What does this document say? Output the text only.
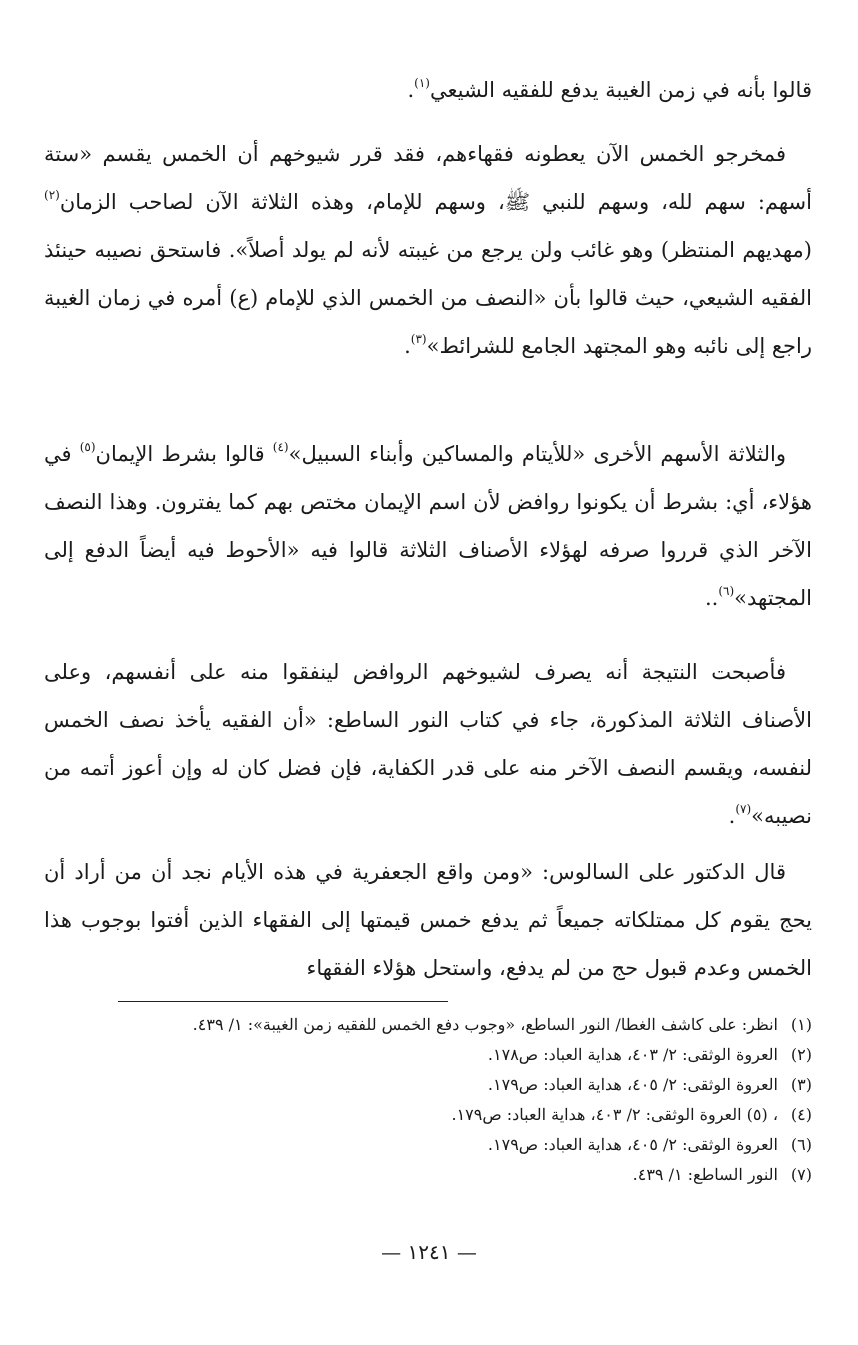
قالوا بأنه في زمن الغيبة يدفع للفقيه الشيعي$^{(١)}$.

فمخرجو الخمس الآن يعطونه فقهاءهم، فقد قرر شيوخهم أن الخمس يقسم «ستة أسهم: سهم لله، وسهم للنبي ﷺ، وسهم للإمام، وهذه الثلاثة الآن لصاحب الزمان$^{(٢)}$ (مهديهم المنتظر) وهو غائب ولن يرجع من غيبته لأنه لم يولد أصلاً». فاستحق نصيبه حينئذ الفقيه الشيعي، حيث قالوا بأن «النصف من الخمس الذي للإمام (ع) أمره في زمان الغيبة راجع إلى نائبه وهو المجتهد الجامع للشرائط»$^{(٣)}$.

والثلاثة الأسهم الأخرى «للأيتام والمساكين وأبناء السبيل»$^{(٤)}$ قالوا بشرط الإيمان$^{(٥)}$ في هؤلاء، أي: بشرط أن يكونوا روافض لأن اسم الإيمان مختص بهم كما يفترون. وهذا النصف الآخر الذي قرروا صرفه لهؤلاء الأصناف الثلاثة قالوا فيه «الأحوط فيه أيضاً الدفع إلى المجتهد»$^{(٦)}$..

فأصبحت النتيجة أنه يصرف لشيوخهم الروافض لينفقوا منه على أنفسهم، وعلى الأصناف الثلاثة المذكورة، جاء في كتاب النور الساطع: «أن الفقيه يأخذ نصف الخمس لنفسه، ويقسم النصف الآخر منه على قدر الكفاية، فإن فضل كان له وإن أعوز أتمه من نصيبه»$^{(٧)}$.

قال الدكتور على السالوس: «ومن واقع الجعفرية في هذه الأيام نجد أن من أراد أن يحج يقوم كل ممتلكاته جميعاً ثم يدفع خمس قيمتها إلى الفقهاء الذين أفتوا بوجوب هذا الخمس وعدم قبول حج من لم يدفع، واستحل هؤلاء الفقهاء

(١)انظر: على كاشف الغطا/ النور الساطع، «وجوب دفع الخمس للفقيه زمن الغيبة»: ١/ ٤٣٩.
(٢)العروة الوثقى: ٢/ ٤٠٣، هداية العباد: ص١٧٨.
(٣)العروة الوثقى: ٢/ ٤٠٥، هداية العباد: ص١٧٩.
(٤)، (٥) العروة الوثقى: ٢/ ٤٠٣، هداية العباد: ص١٧٩.
(٦)العروة الوثقى: ٢/ ٤٠٥، هداية العباد: ص١٧٩.
(٧)النور الساطع: ١/ ٤٣٩.
— ١٢٤١ —
